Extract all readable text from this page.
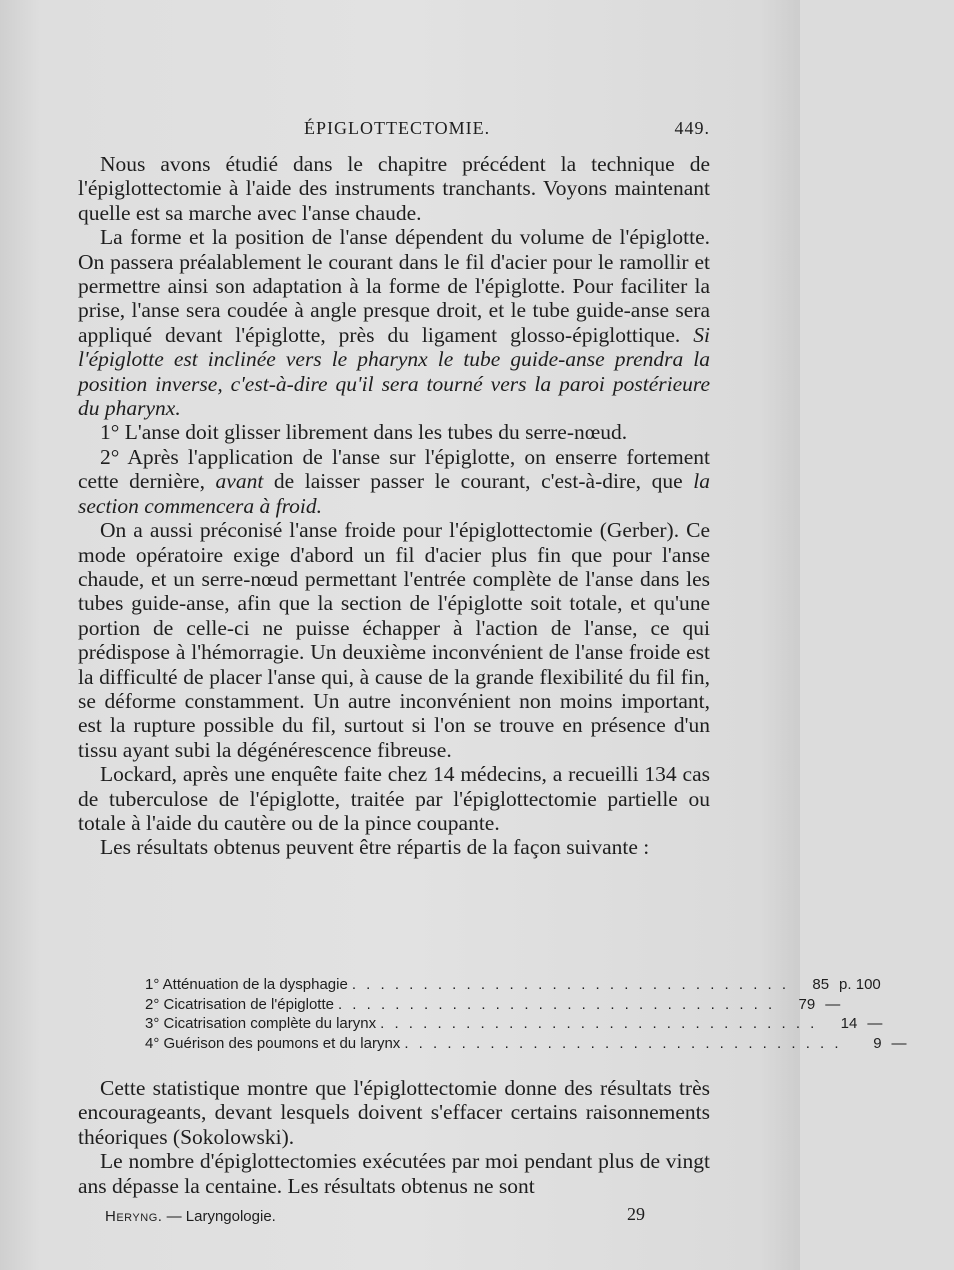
ÉPIGLOTTECTOMIE.	449.

Nous avons étudié dans le chapitre précédent la technique de l'épiglottectomie à l'aide des instruments tranchants. Voyons maintenant quelle est sa marche avec l'anse chaude.

La forme et la position de l'anse dépendent du volume de l'épiglotte. On passera préalablement le courant dans le fil d'acier pour le ramollir et permettre ainsi son adaptation à la forme de l'épiglotte. Pour faciliter la prise, l'anse sera coudée à angle presque droit, et le tube guide-anse sera appliqué devant l'épiglotte, près du ligament glosso-épiglottique. Si l'épiglotte est inclinée vers le pharynx le tube guide-anse prendra la position inverse, c'est-à-dire qu'il sera tourné vers la paroi postérieure du pharynx.

1° L'anse doit glisser librement dans les tubes du serre-nœud.

2° Après l'application de l'anse sur l'épiglotte, on enserre fortement cette dernière, avant de laisser passer le courant, c'est-à-dire, que la section commencera à froid.

On a aussi préconisé l'anse froide pour l'épiglottectomie (Gerber). Ce mode opératoire exige d'abord un fil d'acier plus fin que pour l'anse chaude, et un serre-nœud permettant l'entrée complète de l'anse dans les tubes guide-anse, afin que la section de l'épiglotte soit totale, et qu'une portion de celle-ci ne puisse échapper à l'action de l'anse, ce qui prédispose à l'hémorragie. Un deuxième inconvénient de l'anse froide est la difficulté de placer l'anse qui, à cause de la grande flexibilité du fil fin, se déforme constamment. Un autre inconvénient non moins important, est la rupture possible du fil, surtout si l'on se trouve en présence d'un tissu ayant subi la dégénérescence fibreuse.

Lockard, après une enquête faite chez 14 médecins, a recueilli 134 cas de tuberculose de l'épiglotte, traitée par l'épiglottectomie partielle ou totale à l'aide du cautère ou de la pince coupante.

Les résultats obtenus peuvent être répartis de la façon suivante :

1° Atténuation de la dysphagie . . . . . . . . . . . . . . . . . . . . . . . . . . . . . . .	85 p. 100
2° Cicatrisation de l'épiglotte . . . . . . . . . . . . . . . . . . . . . . . . . . . . . . .	79 —
3° Cicatrisation complète du larynx . . . . . . . . . . . . . . . . . . . . . . . . . . . . . . .	14 —
4° Guérison des poumons et du larynx . . . . . . . . . . . . . . . . . . . . . . . . . . . . . . .	9 —

Cette statistique montre que l'épiglottectomie donne des résultats très encourageants, devant lesquels doivent s'effacer certains raisonnements théoriques (Sokolowski).

Le nombre d'épiglottectomies exécutées par moi pendant plus de vingt ans dépasse la centaine. Les résultats obtenus ne sont

Heryng. — Laryngologie.	29
